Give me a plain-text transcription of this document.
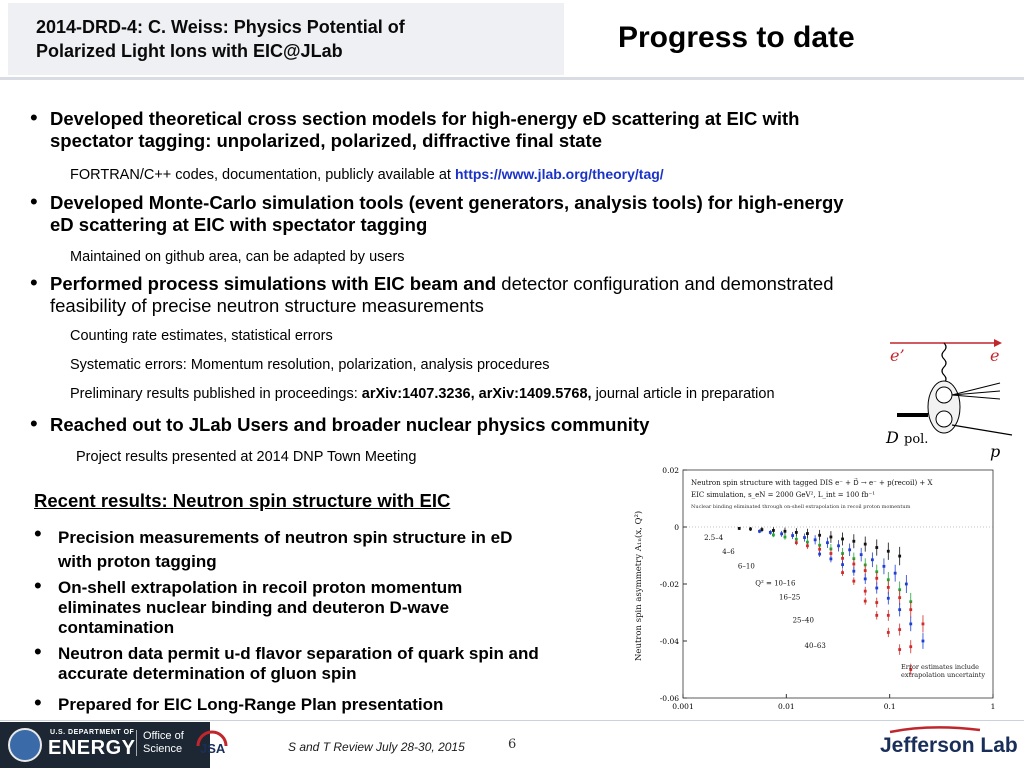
2014-DRD-4: C. Weiss: Physics Potential of
Polarized Light Ions with EIC@JLab	Progress to date
• Developed theoretical cross section models for high-energy eD scattering at EIC with
spectator tagging: unpolarized, polarized, diffractive final state
FORTRAN/C++ codes, documentation, publicly available at https://www.jlab.org/theory/tag/
• Developed Monte-Carlo simulation tools (event generators, analysis tools) for high-energy
eD scattering at EIC with spectator tagging
Maintained on github area, can be adapted by users
• Performed process simulations with EIC beam and detector configuration and demonstrated
feasibility of precise neutron structure measurements
Counting rate estimates, statistical errors
Systematic errors: Momentum resolution, polarization, analysis procedures
Preliminary results published in proceedings: arXiv:1407.3236, arXiv:1409.5768, journal article in preparation
• Reached out to JLab Users and broader nuclear physics community
Project results presented at 2014 DNP Town Meeting
e’	e
D pol.
p
Recent results: Neutron spin structure with EIC
• Precision measurements of neutron spin structure in eD
with proton tagging
• On-shell extrapolation in recoil proton momentum
eliminates nuclear binding and deuteron D-wave
contamination
• Neutron data permit u-d flavor separation of quark spin and
accurate determination of gluon spin
• Prepared for EIC Long-Range Plan presentation
0.02
0
-0.02
-0.04
-0.06
0.001	0.01	0.1	1
Neutron spin asymmetry A₁ₙ(x, Q²)
Neutron spin structure with tagged DIS e⁻ + D⃗ → e⁻ + p(recoil) + X
EIC simulation, s_eN = 2000 GeV², L_int = 100 fb⁻¹
Nuclear binding eliminated through on-shell extrapolation in recoil proton momentum
2.5–4
4–6
6–10
Q² = 10–16
16–25
25–40
40–63
Error estimates include extrapolation uncertainty
U.S. DEPARTMENT OF
ENERGY
Office of
Science JSA	S and T Review July 28-30, 2015	6	Jefferson Lab
